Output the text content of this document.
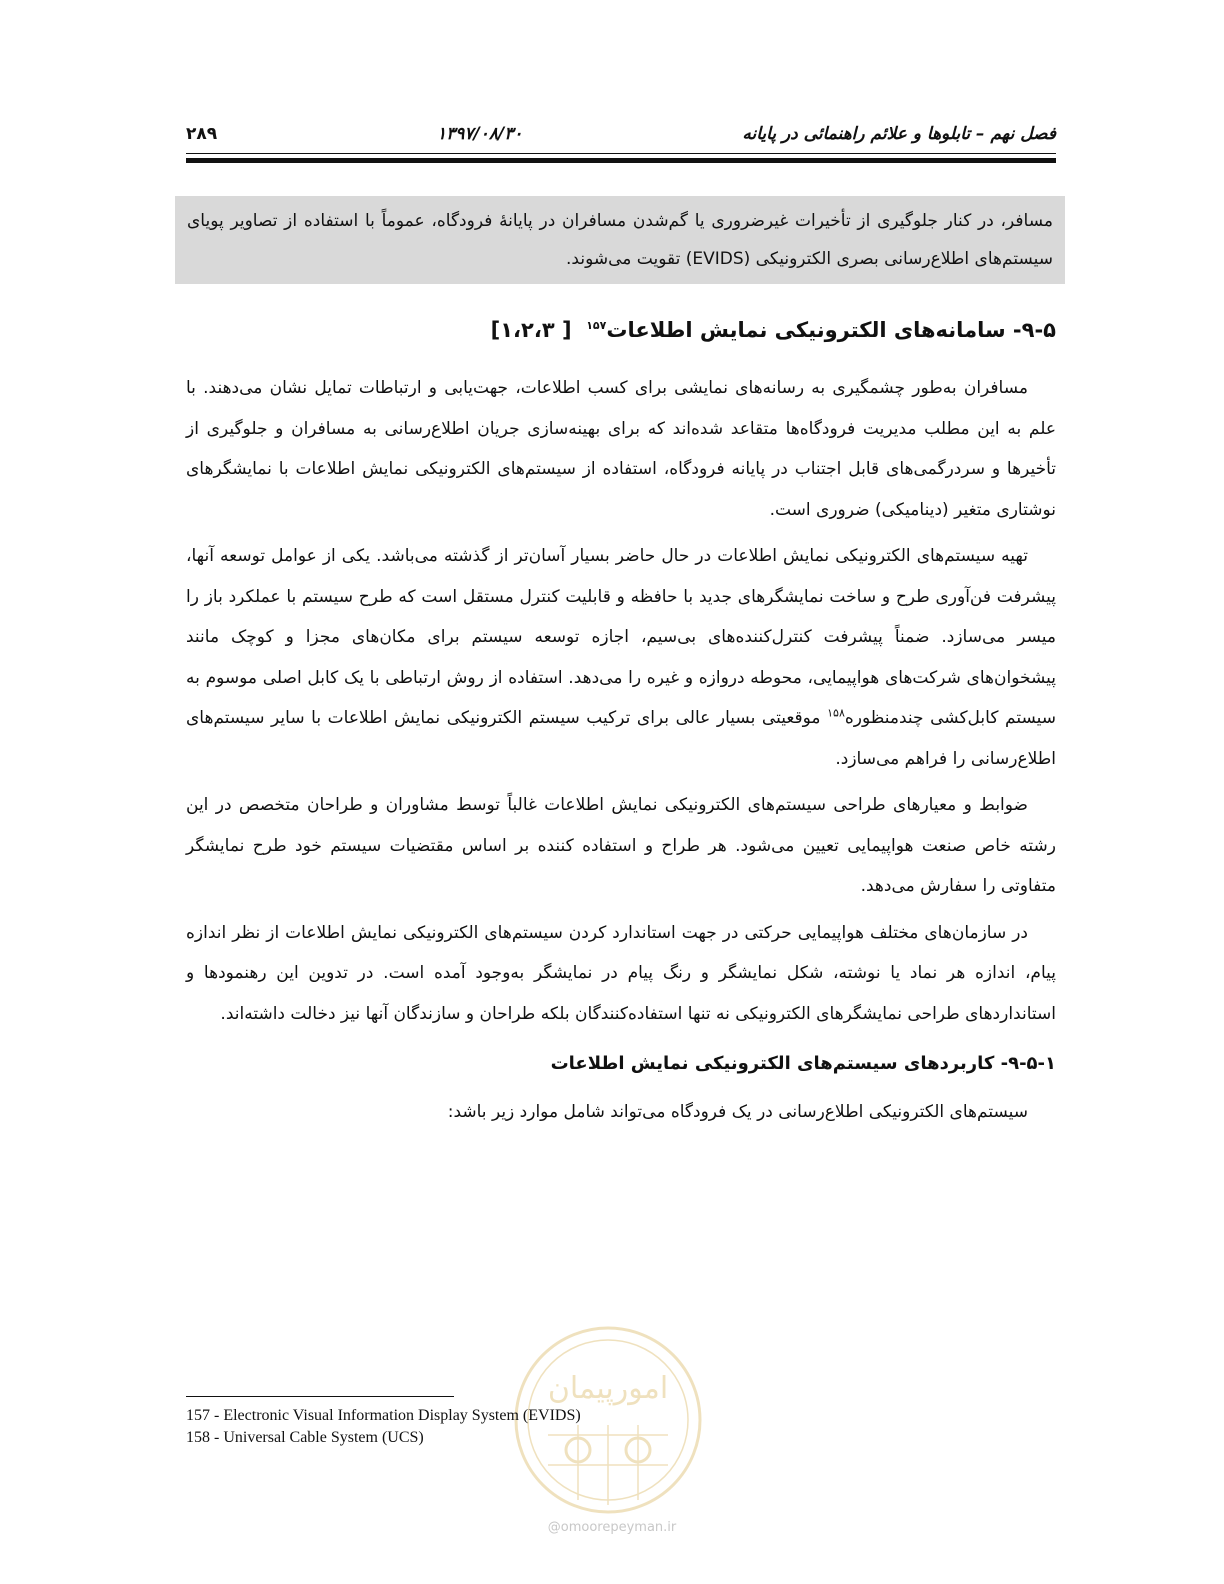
فصل نهم – تابلوها و علائم راهنمائی در پایانه
۱۳۹۷/۰۸/۳۰
۲۸۹
مسافر، در کنار جلوگیری از تأخیرات غیرضروری یا گم‌شدن مسافران در پایانهٔ فرودگاه، عموماً با استفاده از تصاویر پویای سیستم‌های اطلاع‌رسانی بصری الکترونیکی (EVIDS) تقویت می‌شوند.
۹-۵- سامانه‌های الکترونیکی نمایش اطلاعات$^{۱۵۷}$  [ ۱،۲،۳]

مسافران به‌طور چشمگیری به رسانه‌های نمایشی برای کسب اطلاعات، جهت‌یابی و ارتباطات تمایل نشان می‌دهند. با علم به این مطلب مدیریت فرودگاه‌ها متقاعد شده‌اند که برای بهینه‌سازی جریان اطلاع‌رسانی به مسافران و جلوگیری از تأخیرها و سردرگمی‌های قابل اجتناب در پایانه فرودگاه، استفاده از سیستم‌های الکترونیکی نمایش اطلاعات با نمایشگرهای نوشتاری متغیر (دینامیکی) ضروری است.

تهیه سیستم‌های الکترونیکی نمایش اطلاعات در حال حاضر بسیار آسان‌تر از گذشته می‌باشد. یکی از عوامل توسعه آنها، پیشرفت فن‌آوری طرح و ساخت نمایشگرهای جدید با حافظه و قابلیت کنترل مستقل است که طرح سیستم با عملکرد باز را میسر می‌سازد. ضمناً پیشرفت کنترل‌کننده‌های بی‌سیم، اجازه توسعه سیستم برای مکان‌های مجزا و کوچک مانند پیشخوان‌های شرکت‌های هواپیمایی، محوطه دروازه و غیره را می‌دهد. استفاده از روش ارتباطی با یک کابل اصلی موسوم به سیستم کابل‌کشی چندمنظوره$^{۱۵۸}$ موقعیتی بسیار عالی برای ترکیب سیستم الکترونیکی نمایش اطلاعات با سایر سیستم‌های اطلاع‌رسانی را فراهم می‌سازد.

ضوابط و معیارهای طراحی سیستم‌های الکترونیکی نمایش اطلاعات غالباً توسط مشاوران و طراحان متخصص در این رشته خاص صنعت هواپیمایی تعیین می‌شود. هر طراح و استفاده کننده بر اساس مقتضیات سیستم خود طرح نمایشگر متفاوتی را سفارش می‌دهد.

در سازمان‌های مختلف هواپیمایی حرکتی در جهت استاندارد کردن سیستم‌های الکترونیکی نمایش اطلاعات از نظر اندازه پیام، اندازه هر نماد یا نوشته، شکل نمایشگر و رنگ پیام در نمایشگر به‌وجود آمده است. در تدوین این رهنمودها و استانداردهای طراحی نمایشگرهای الکترونیکی نه تنها استفاده‌کنندگان بلکه طراحان و سازندگان آنها نیز دخالت داشته‌اند.

۹-۵-۱- کاربردهای سیستم‌های الکترونیکی نمایش اطلاعات

سیستم‌های الکترونیکی اطلاع‌رسانی در یک فرودگاه می‌تواند شامل موارد زیر باشد:

امورپیمان
@omoorepeyman.ir
157 - Electronic Visual Information Display System (EVIDS)
158 - Universal Cable System (UCS)
